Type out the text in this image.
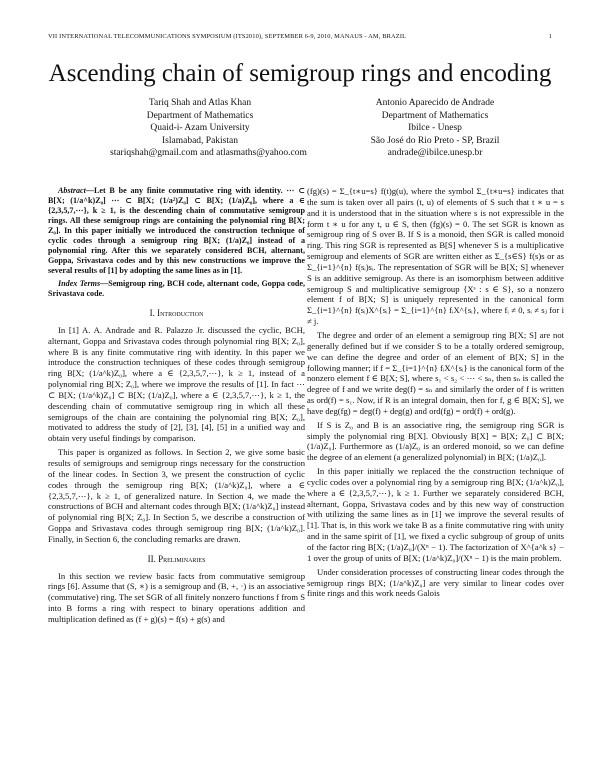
VII INTERNATIONAL TELECOMMUNICATIONS SYMPOSIUM (ITS2010), SEPTEMBER 6-9, 2010, MANAUS - AM, BRAZIL	1
Ascending chain of semigroup rings and encoding
Tariq Shah and Atlas Khan
Department of Mathematics
Quaid-i- Azam University
Islamabad, Pakistan
stariqshah@gmail.com and atlasmaths@yahoo.com
Antonio Aparecido de Andrade
Department of Mathematics
Ibilce - Unesp
São José do Rio Preto - SP, Brazil
andrade@ibilce.unesp.br

Abstract—Let B be any finite commutative ring with identity. ⋯ ⊂ B[X; (1/a^k)Z₀] ⋯ ⊂ B[X; (1/a²)Z₀] ⊂ B[X; (1/a)Z₀], where a ∈ {2,3,5,7,⋯}, k ≥ 1, is the descending chain of commutative semigroup rings. All these semigroup rings are containing the polynomial ring B[X; Z₀]. In this paper initially we introduced the construction technique of cyclic codes through a semigroup ring B[X; (1/a)Z₀] instead of a polynomial ring. After this we separately considered BCH, alternant, Goppa, Srivastava codes and by this new constructions we improve the several results of [1] by adopting the same lines as in [1].

Index Terms—Semigroup ring, BCH code, alternant code, Goppa code, Srivastava code.

I. Introduction

In [1] A. A. Andrade and R. Palazzo Jr. discussed the cyclic, BCH, alternant, Goppa and Srivastava codes through polynomial ring B[X; Z₀], where B is any finite commutative ring with identity. In this paper we introduce the construction techniques of these codes through semigroup ring B[X; (1/a^k)Z₀], where a ∈ {2,3,5,7,⋯}, k ≥ 1, instead of a polynomial ring B[X; Z₀], where we improve the results of [1]. In fact ⋯ ⊂ B[X; (1/a^k)Z₀] ⊂ B[X; (1/a)Z₀], where a ∈ {2,3,5,7,⋯}, k ≥ 1, the descending chain of commutative semigroup ring in which all these semigroups of the chain are containing the polynomial ring B[X; Z₀], motivated to address the study of [2], [3], [4], [5] in a unified way and obtain very useful findings by comparison.

This paper is organized as follows. In Section 2, we give some basic results of semigroups and semigroup rings necessary for the construction of the linear codes. In Section 3, we present the construction of cyclic codes through the semigroup ring B[X; (1/a^k)Z₀], where a ∈ {2,3,5,7,⋯}, k ≥ 1, of generalized nature. In Section 4, we made the constructions of BCH and alternant codes through B[X; (1/a^k)Z₀] instead of polynomial ring B[X; Z₀]. In Section 5, we describe a construction of Goppa and Srivastava codes through semigroup ring B[X; (1/a^k)Z₀]. Finally, in Section 6, the concluding remarks are drawn.

II. Preliminaries

In this section we review basic facts from commutative semigroup rings [6]. Assume that (S, ∗) is a semigroup and (B, +, ·) is an associative (commutative) ring. The set SGR of all finitely nonzero functions f from S into B forms a ring with respect to binary operations addition and multiplication defined as (f + g)(s) = f(s) + g(s) and

(fg)(s) = Σ_{t∗u=s} f(t)g(u), where the symbol Σ_{t∗u=s} indicates that the sum is taken over all pairs (t, u) of elements of S such that t ∗ u = s and it is understood that in the situation where s is not expressible in the form t ∗ u for any t, u ∈ S, then (fg)(s) = 0. The set SGR is known as semigroup ring of S over B. If S is a monoid, then SGR is called monoid ring. This ring SGR is represented as B[S] whenever S is a multiplicative semigroup and elements of SGR are written either as Σ_{s∈S} f(s)s or as Σ_{i=1}^{n} f(sᵢ)sᵢ. The representation of SGR will be B[X; S] whenever S is an additive semigroup. As there is an isomorphism between additive semigroup S and multiplicative semigroup {Xˢ : s ∈ S}, so a nonzero element f of B[X; S] is uniquely represented in the canonical form Σ_{i=1}^{n} f(sᵢ)X^{sᵢ} = Σ_{i=1}^{n} fᵢX^{sᵢ}, where fᵢ ≠ 0, sᵢ ≠ sⱼ for i ≠ j.

The degree and order of an element a semigroup ring B[X; S] are not generally defined but if we consider S to be a totally ordered semigroup, we can define the degree and order of an element of B[X; S] in the following manner; if f = Σ_{i=1}^{n} fᵢX^{sᵢ} is the canonical form of the nonzero element f ∈ B[X; S], where s₁ < s₂ < ⋯ < sₙ, then sₙ is called the degree of f and we write deg(f) = sₙ and similarly the order of f is written as ord(f) = s₁. Now, if R is an integral domain, then for f, g ∈ B[X; S], we have deg(fg) = deg(f) + deg(g) and ord(fg) = ord(f) + ord(g).

If S is Z₀ and B is an associative ring, the semigroup ring SGR is simply the polynomial ring B[X]. Obviously B[X] = B[X; Z₀] ⊂ B[X; (1/a)Z₀]. Furthermore as (1/a)Z₀ is an ordered monoid, so we can define the degree of an element (a generalized polynomial) in B[X; (1/a)Z₀].

In this paper initially we replaced the the construction technique of cyclic codes over a polynomial ring by a semigroup ring B[X; (1/a^k)Z₀], where a ∈ {2,3,5,7,⋯}, k ≥ 1. Further we separately considered BCH, alternant, Goppa, Srivastava codes and by this new way of construction with utilizing the same lines as in [1] we improve the several results of [1]. That is, in this work we take B as a finite commutative ring with unity and in the same spirit of [1], we fixed a cyclic subgroup of group of units of the factor ring B[X; (1/a)Z₀]/(Xⁿ − 1). The factorization of X^{a^k s} − 1 over the group of units of B[X; (1/a^k)Z₀]/(Xⁿ − 1) is the main problem.

Under consideration processes of constructing linear codes through the semigroup rings B[X; (1/a^k)Z₀] are very similar to linear codes over finite rings and this work needs Galois
